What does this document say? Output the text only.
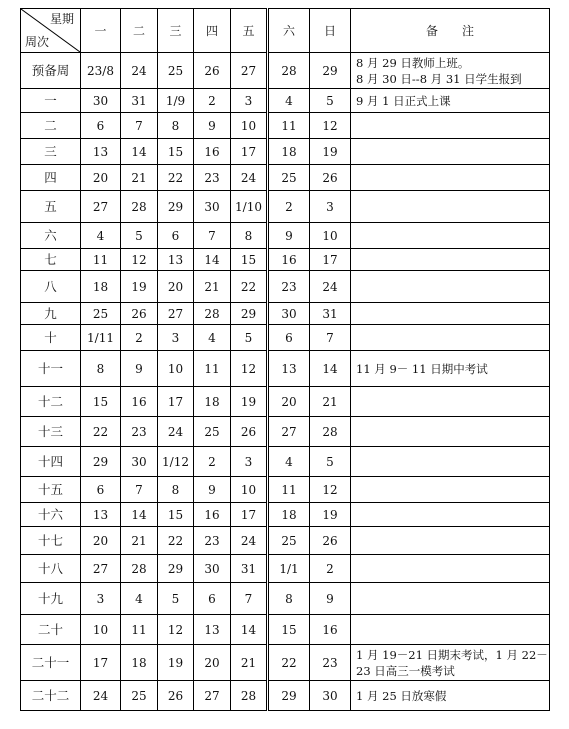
星期
周次	一	二	三	四	五	六	日	备 注
预备周	23/8	24	25	26	27	28	29	8 月 29 日教师上班。
8 月 30 日--8 月 31 日学生报到

一	30	31	1/9	2	3	4	5	9 月 1 日正式上课

二	6	7	8	9	10	11	12	
三	13	14	15	16	17	18	19	
四	20	21	22	23	24	25	26	
五	27	28	29	30	1/10	2	3	
六	4	5	6	7	8	9	10	
七	11	12	13	14	15	16	17	
八	18	19	20	21	22	23	24	
九	25	26	27	28	29	30	31	
十	1/11	2	3	4	5	6	7	
十一	8	9	10	11	12	13	14	11 月 9－ 11 日期中考试

十二	15	16	17	18	19	20	21	
十三	22	23	24	25	26	27	28	
十四	29	30	1/12	2	3	4	5	
十五	6	7	8	9	10	11	12	
十六	13	14	15	16	17	18	19	
十七	20	21	22	23	24	25	26	
十八	27	28	29	30	31	1/1	2	
十九	3	4	5	6	7	8	9	
二十	10	11	12	13	14	15	16	
二十一	17	18	19	20	21	22	23	1 月 19－21 日期末考试，1 月 22－
23 日高三一模考试

二十二	24	25	26	27	28	29	30	1 月 25 日放寒假
